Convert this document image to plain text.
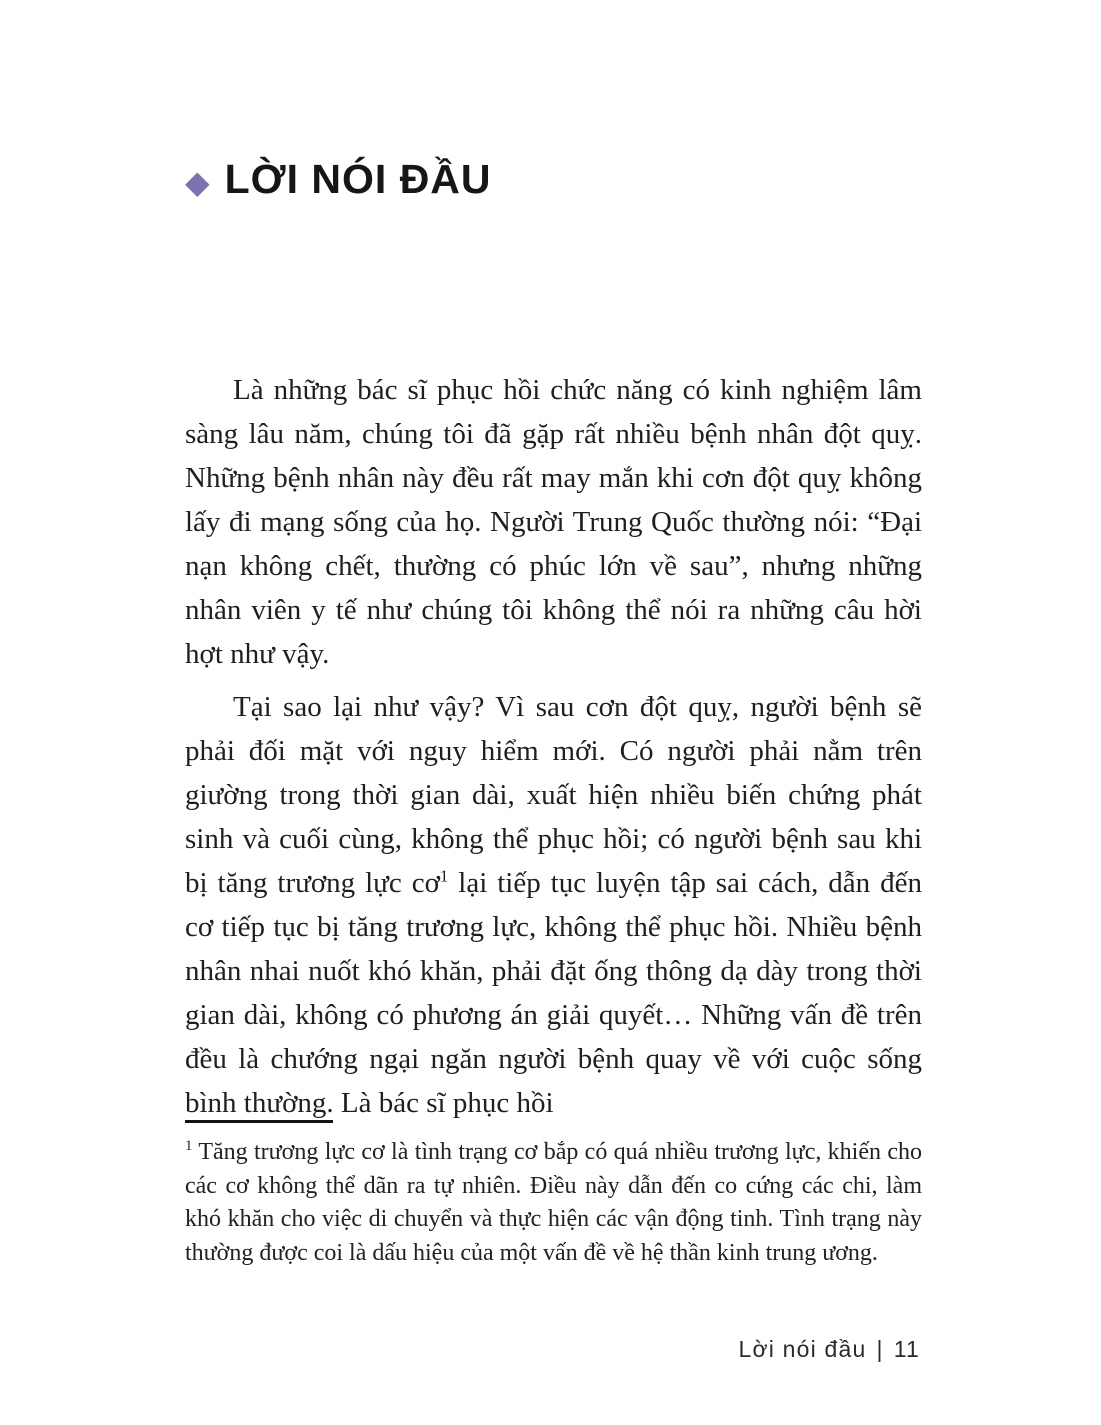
◆ LỜI NÓI ĐẦU

Là những bác sĩ phục hồi chức năng có kinh nghiệm lâm sàng lâu năm, chúng tôi đã gặp rất nhiều bệnh nhân đột quỵ. Những bệnh nhân này đều rất may mắn khi cơn đột quỵ không lấy đi mạng sống của họ. Người Trung Quốc thường nói: “Đại nạn không chết, thường có phúc lớn về sau”, nhưng những nhân viên y tế như chúng tôi không thể nói ra những câu hời hợt như vậy.

Tại sao lại như vậy? Vì sau cơn đột quỵ, người bệnh sẽ phải đối mặt với nguy hiểm mới. Có người phải nằm trên giường trong thời gian dài, xuất hiện nhiều biến chứng phát sinh và cuối cùng, không thể phục hồi; có người bệnh sau khi bị tăng trương lực cơ$^1$ lại tiếp tục luyện tập sai cách, dẫn đến cơ tiếp tục bị tăng trương lực, không thể phục hồi. Nhiều bệnh nhân nhai nuốt khó khăn, phải đặt ống thông dạ dày trong thời gian dài, không có phương án giải quyết… Những vấn đề trên đều là chướng ngại ngăn người bệnh quay về với cuộc sống bình thường. Là bác sĩ phục hồi

$^1$ Tăng trương lực cơ là tình trạng cơ bắp có quá nhiều trương lực, khiến cho các cơ không thể dãn ra tự nhiên. Điều này dẫn đến co cứng các chi, làm khó khăn cho việc di chuyển và thực hiện các vận động tinh. Tình trạng này thường được coi là dấu hiệu của một vấn đề về hệ thần kinh trung ương.

Lời nói đầu | 11
